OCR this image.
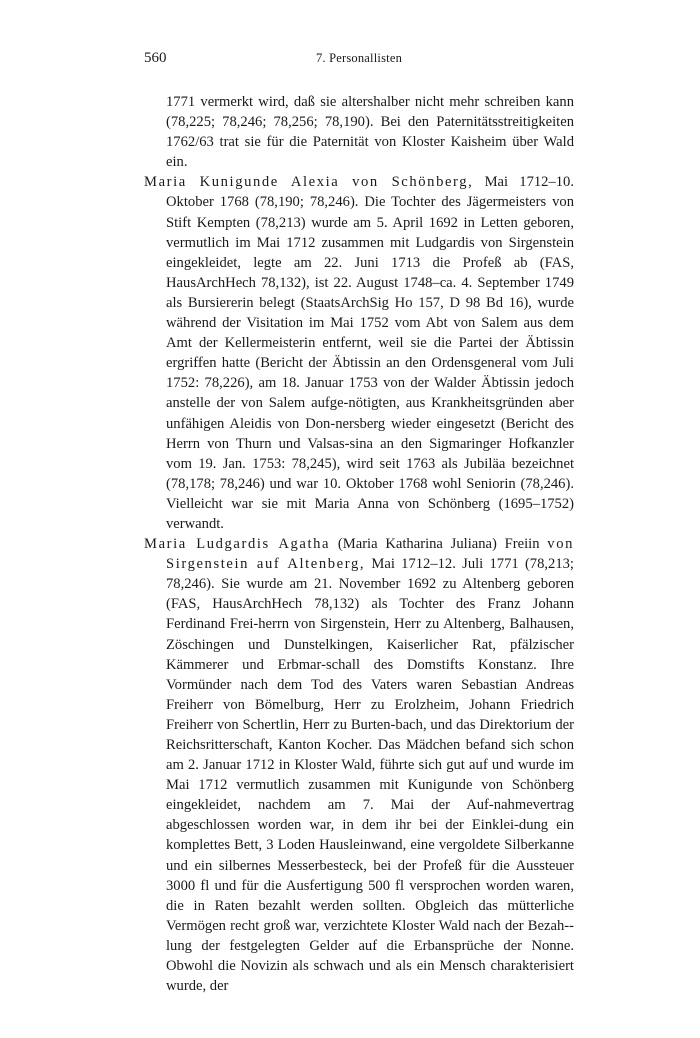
560	7. Personallisten

1771 vermerkt wird, daß sie altershalber nicht mehr schreiben kann (78,225; 78,246; 78,256; 78,190). Bei den Paternitätsstreitigkeiten 1762/63 trat sie für die Paternität von Kloster Kaisheim über Wald ein.

Maria Kunigunde Alexia von Schönberg, Mai 1712–10. Oktober 1768 (78,190; 78,246). Die Tochter des Jägermeisters von Stift Kempten (78,213) wurde am 5. April 1692 in Letten geboren, vermutlich im Mai 1712 zusammen mit Ludgardis von Sirgenstein eingekleidet, legte am 22. Juni 1713 die Profeß ab (FAS, HausArchHech 78,132), ist 22. August 1748–ca. 4. September 1749 als Bursiererin belegt (StaatsArchSig Ho 157, D 98 Bd 16), wurde während der Visitation im Mai 1752 vom Abt von Salem aus dem Amt der Kellermeisterin entfernt, weil sie die Partei der Äbtissin ergriffen hatte (Bericht der Äbtissin an den Ordensgeneral vom Juli 1752: 78,226), am 18. Januar 1753 von der Walder Äbtissin jedoch anstelle der von Salem aufge-nötigten, aus Krankheitsgründen aber unfähigen Aleidis von Don-nersberg wieder eingesetzt (Bericht des Herrn von Thurn und Valsas-sina an den Sigmaringer Hofkanzler vom 19. Jan. 1753: 78,245), wird seit 1763 als Jubiläa bezeichnet (78,178; 78,246) und war 10. Oktober 1768 wohl Seniorin (78,246). Vielleicht war sie mit Maria Anna von Schönberg (1695–1752) verwandt.

Maria Ludgardis Agatha (Maria Katharina Juliana) Freiin von Sirgenstein auf Altenberg, Mai 1712–12. Juli 1771 (78,213; 78,246). Sie wurde am 21. November 1692 zu Altenberg geboren (FAS, HausArchHech 78,132) als Tochter des Franz Johann Ferdinand Frei-herrn von Sirgenstein, Herr zu Altenberg, Balhausen, Zöschingen und Dunstelkingen, Kaiserlicher Rat, pfälzischer Kämmerer und Erbmar-schall des Domstifts Konstanz. Ihre Vormünder nach dem Tod des Vaters waren Sebastian Andreas Freiherr von Bömelburg, Herr zu Erolzheim, Johann Friedrich Freiherr von Schertlin, Herr zu Burten-bach, und das Direktorium der Reichsritterschaft, Kanton Kocher. Das Mädchen befand sich schon am 2. Januar 1712 in Kloster Wald, führte sich gut auf und wurde im Mai 1712 vermutlich zusammen mit Kunigunde von Schönberg eingekleidet, nachdem am 7. Mai der Auf-nahmevertrag abgeschlossen worden war, in dem ihr bei der Einklei-dung ein komplettes Bett, 3 Loden Hausleinwand, eine vergoldete Silberkanne und ein silbernes Messerbesteck, bei der Profeß für die Aussteuer 3000 fl und für die Ausfertigung 500 fl versprochen worden waren, die in Raten bezahlt werden sollten. Obgleich das mütterliche Vermögen recht groß war, verzichtete Kloster Wald nach der Bezah-lung der festgelegten Gelder auf die Erbansprüche der Nonne. Obwohl die Novizin als schwach und als ein Mensch charakterisiert wurde, der
